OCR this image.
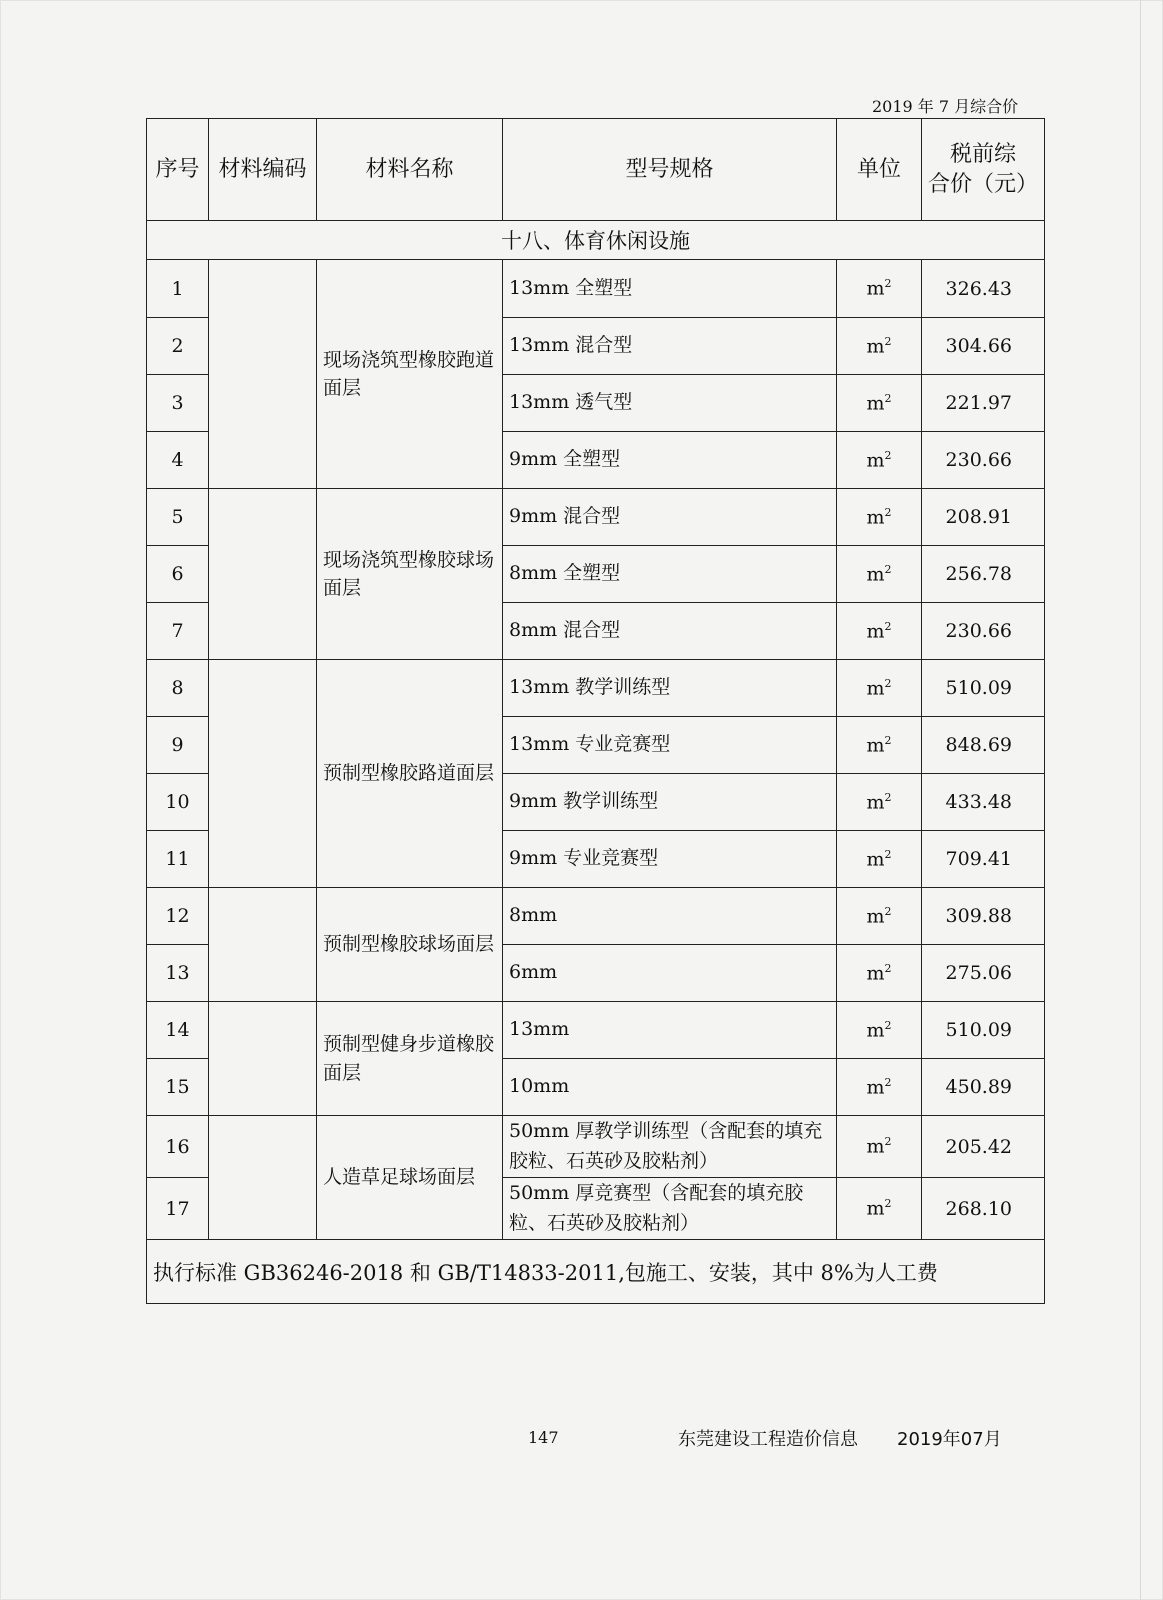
2019 年 7 月综合价
序号	材料编码	材料名称	型号规格	单位	税前综
合价（元）
十八、体育休闲设施					
1		现场浇筑型橡胶跑道面层	13mm 全塑型	$m^2$	326.43
2			13mm 混合型	$m^2$	304.66
3			13mm 透气型	$m^2$	221.97
4			9mm 全塑型	$m^2$	230.66
5		现场浇筑型橡胶球场面层	9mm 混合型	$m^2$	208.91
6			8mm 全塑型	$m^2$	256.78
7			8mm 混合型	$m^2$	230.66
8		预制型橡胶路道面层	13mm 教学训练型	$m^2$	510.09
9			13mm 专业竞赛型	$m^2$	848.69
10			9mm 教学训练型	$m^2$	433.48
11			9mm 专业竞赛型	$m^2$	709.41
12		预制型橡胶球场面层	8mm	$m^2$	309.88
13			6mm	$m^2$	275.06
14		预制型健身步道橡胶面层	13mm	$m^2$	510.09
15			10mm	$m^2$	450.89
16		人造草足球场面层	50mm 厚教学训练型（含配套的填充胶粒、石英砂及胶粘剂）	$m^2$	205.42
17			50mm 厚竞赛型（含配套的填充胶粒、石英砂及胶粘剂）	$m^2$	268.10
执行标准 GB36246-2018 和 GB/T14833-2011,包施工、安装，其中 8%为人工费					
147	东莞建设工程造价信息 2019年07月
